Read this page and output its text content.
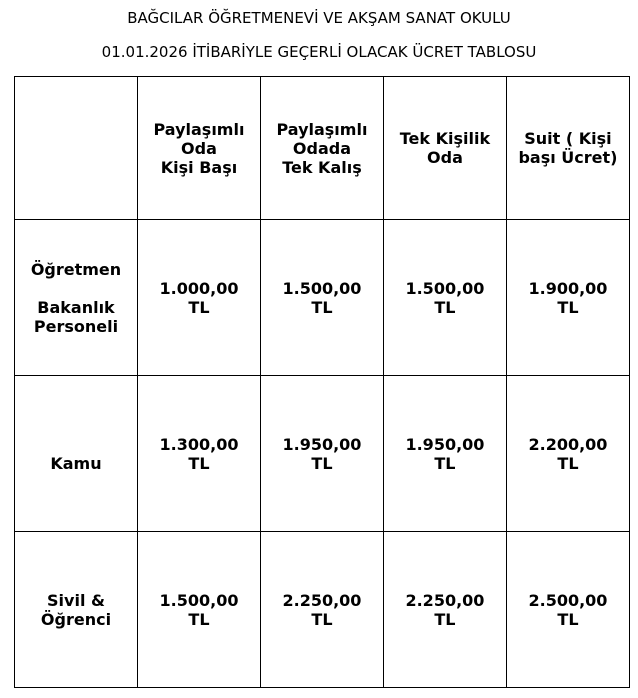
BAĞCILAR ÖĞRETMENEVİ VE AKŞAM SANAT OKULU
01.01.2026 İTİBARİYLE GEÇERLİ OLACAK ÜCRET TABLOSU

	Paylaşımlı
Oda
Kişi Başı	Paylaşımlı
Odada
Tek Kalış	Tek Kişilik
Oda	Suit ( Kişi
başı Ücret)

Öğretmen
Bakanlık
Personeli	1.000,00
TL	1.500,00
TL	1.500,00
TL	1.900,00
TL

Kamu	1.300,00
TL	1.950,00
TL	1.950,00
TL	2.200,00
TL

Sivil &
Öğrenci	1.500,00
TL	2.250,00
TL	2.250,00
TL	2.500,00
TL
